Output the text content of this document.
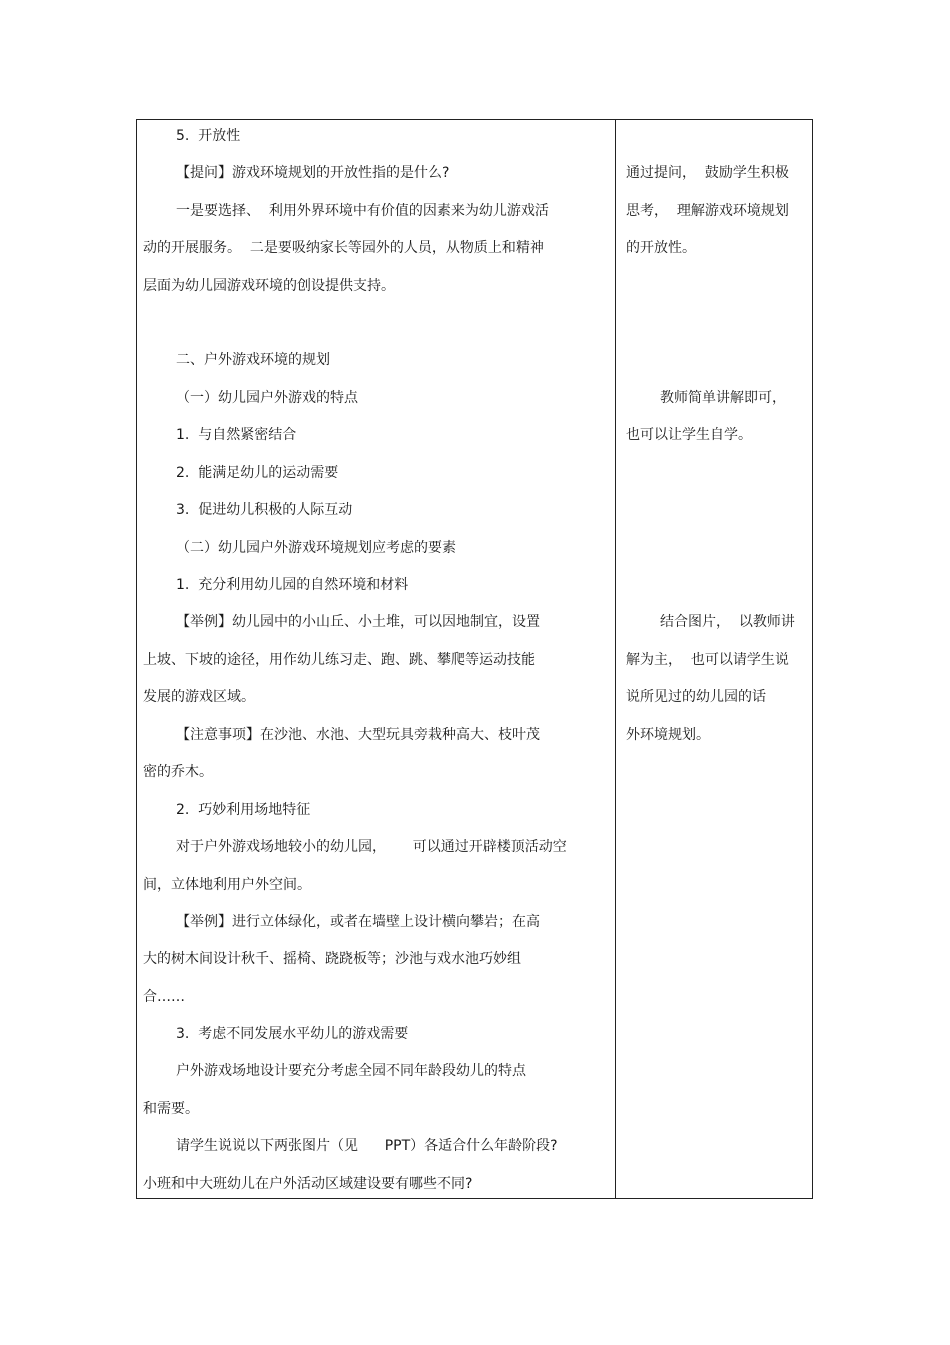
5.  开放性
【提问】游戏环境规划的开放性指的是什么?
一是要选择、  利用外界环境中有价值的因素来为幼儿游戏活
动的开展服务。  二是要吸纳家长等园外的人员，从物质上和精神
层面为幼儿园游戏环境的创设提供支持。
二、户外游戏环境的规划
（一）幼儿园户外游戏的特点
1.  与自然紧密结合
2.  能满足幼儿的运动需要
3.  促进幼儿积极的人际互动
（二）幼儿园户外游戏环境规划应考虑的要素
1.  充分利用幼儿园的自然环境和材料
【举例】幼儿园中的小山丘、小土堆，可以因地制宜，设置
上坡、下坡的途径，用作幼儿练习走、跑、跳、攀爬等运动技能
发展的游戏区域。
【注意事项】在沙池、水池、大型玩具旁栽种高大、枝叶茂
密的乔木。
2.  巧妙利用场地特征
对于户外游戏场地较小的幼儿园，      可以通过开辟楼顶活动空
间，立体地利用户外空间。
【举例】进行立体绿化，或者在墙壁上设计横向攀岩；在高
大的树木间设计秋千、摇椅、跷跷板等；沙池与戏水池巧妙组
合……
3.  考虑不同发展水平幼儿的游戏需要
户外游戏场地设计要充分考虑全园不同年龄段幼儿的特点
和需要。
请学生说说以下两张图片（见      PPT）各适合什么年龄阶段?
小班和中大班幼儿在户外活动区域建设要有哪些不同?
通过提问，  鼓励学生积极
思考，  理解游戏环境规划
的开放性。
教师简单讲解即可，
也可以让学生自学。
结合图片，  以教师讲
解为主，  也可以请学生说
说所见过的幼儿园的话
外环境规划。
